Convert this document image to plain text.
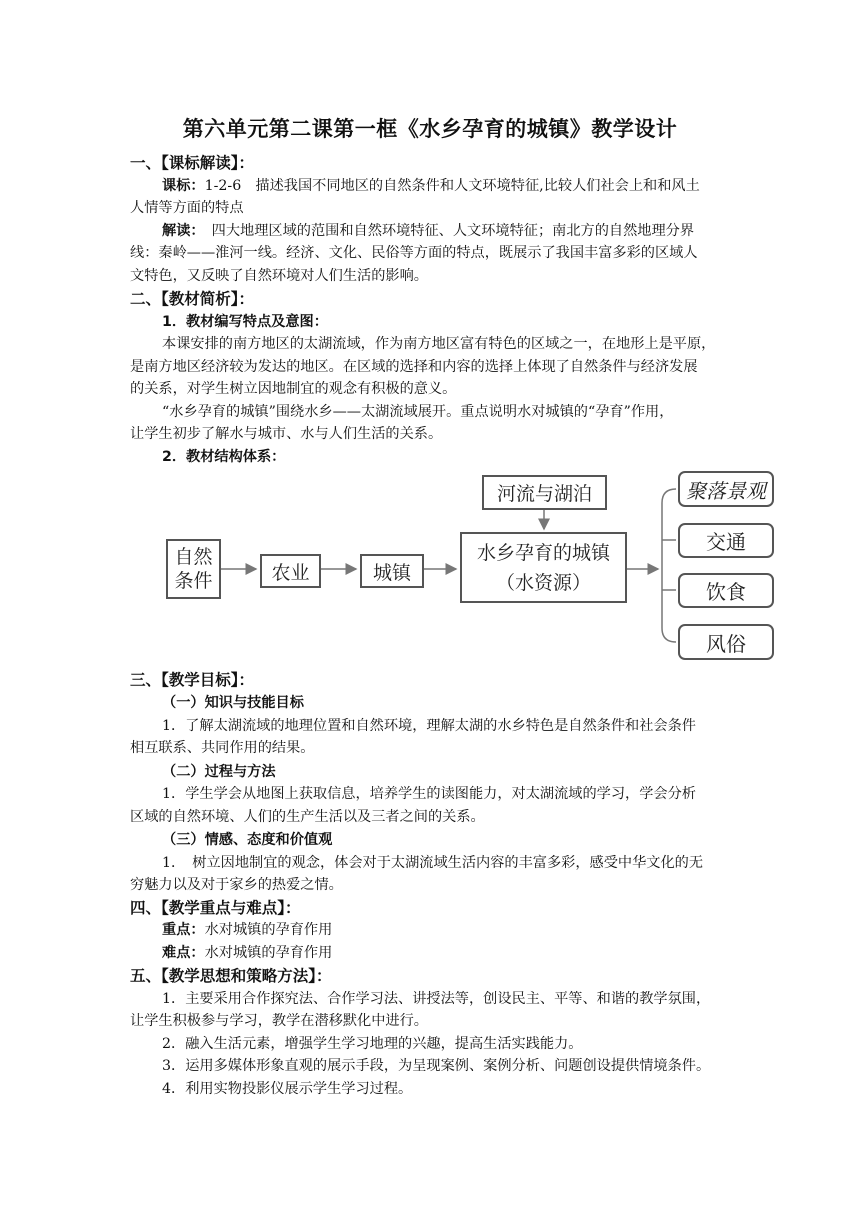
第六单元第二课第一框《水乡孕育的城镇》教学设计
一、【课标解读】：
课标：1-2-6　描述我国不同地区的自然条件和人文环境特征,比较人们社会上和和风土
人情等方面的特点
解读：　四大地理区域的范围和自然环境特征、人文环境特征；南北方的自然地理分界
线：秦岭——淮河一线。经济、文化、民俗等方面的特点，既展示了我国丰富多彩的区域人
文特色，又反映了自然环境对人们生活的影响。
二、【教材简析】：
1．教材编写特点及意图：
本课安排的南方地区的太湖流域，作为南方地区富有特色的区域之一，在地形上是平原，
是南方地区经济较为发达的地区。在区域的选择和内容的选择上体现了自然条件与经济发展
的关系，对学生树立因地制宜的观念有积极的意义。
“水乡孕育的城镇”围绕水乡——太湖流域展开。重点说明水对城镇的“孕育”作用，
让学生初步了解水与城市、水与人们生活的关系。
2．教材结构体系：
自然
条件	农业	城镇
河流与湖泊
水乡孕育的城镇
（水资源）
聚落景观
交通
饮食
风俗
三、【教学目标】：
（一）知识与技能目标
1．了解太湖流域的地理位置和自然环境，理解太湖的水乡特色是自然条件和社会条件
相互联系、共同作用的结果。
（二）过程与方法
1．学生学会从地图上获取信息，培养学生的读图能力，对太湖流域的学习，学会分析
区域的自然环境、人们的生产生活以及三者之间的关系。
（三）情感、态度和价值观
1．　树立因地制宜的观念，体会对于太湖流域生活内容的丰富多彩，感受中华文化的无
穷魅力以及对于家乡的热爱之情。
四、【教学重点与难点】：
重点：水对城镇的孕育作用
难点：水对城镇的孕育作用
五、【教学思想和策略方法】：
1．主要采用合作探究法、合作学习法、讲授法等，创设民主、平等、和谐的教学氛围，
让学生积极参与学习，教学在潜移默化中进行。
2．融入生活元素，增强学生学习地理的兴趣，提高生活实践能力。
3．运用多媒体形象直观的展示手段，为呈现案例、案例分析、问题创设提供情境条件。
4．利用实物投影仪展示学生学习过程。
